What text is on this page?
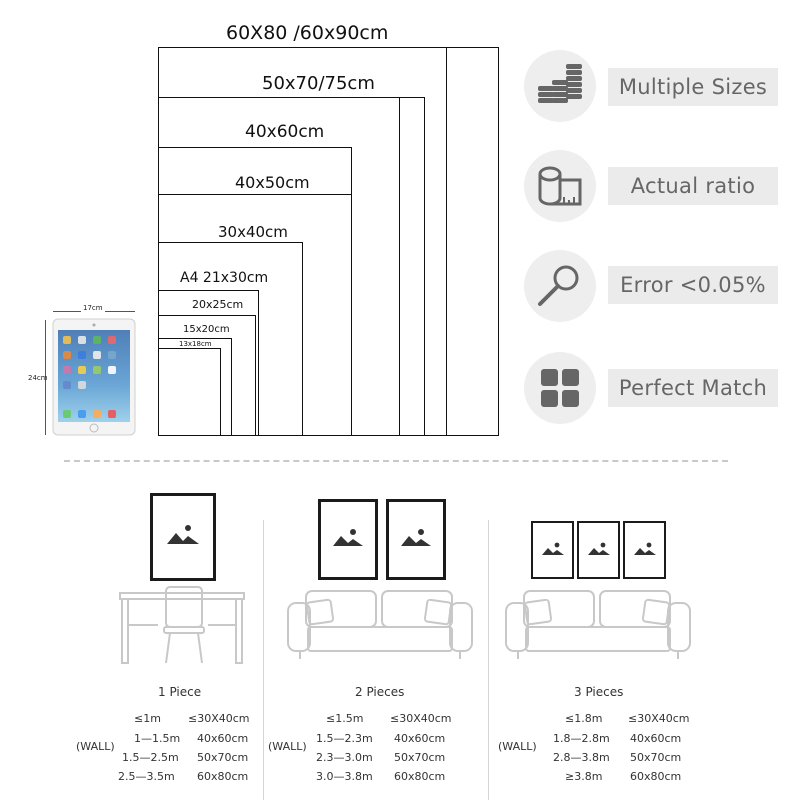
60X80 /60x90cm
50x70/75cm
40x60cm
40x50cm
30x40cm
A4 21x30cm
20x25cm
15x20cm
13x18cm
17cm
24cm
Multiple Sizes
Actual ratio
Error <0.05%
Perfect Match
1 Piece
(WALL)
≤1m ≤30X40cm
1—1.5m 40x60cm
1.5—2.5m 50x70cm
2.5—3.5m 60x80cm
2 Pieces
(WALL)
≤1.5m ≤30X40cm
1.5—2.3m 40x60cm
2.3—3.0m 50x70cm
3.0—3.8m 60x80cm
3 Pieces
(WALL)
≤1.8m ≤30X40cm
1.8—2.8m 40x60cm
2.8—3.8m 50x70cm
≥3.8m	60x80cm
